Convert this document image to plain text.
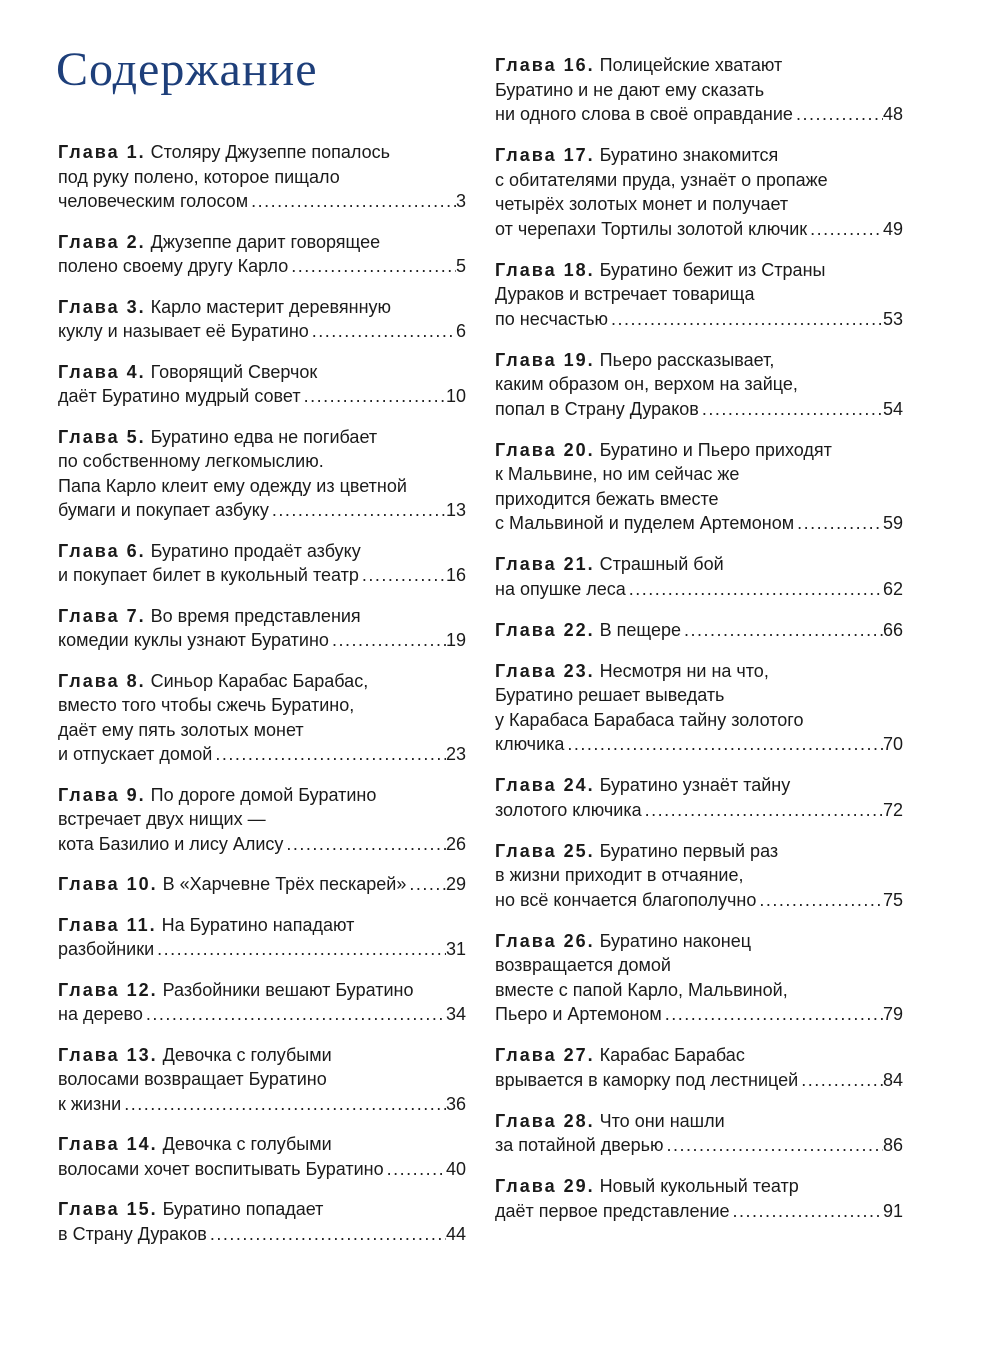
Содержание
Глава 1. Столяру Джузеппе попалось
под руку полено, которое пищало
человеческим голосом .....	3
Глава 2. Джузеппе дарит говорящее
полено своему другу Карло .....	5
Глава 3. Карло мастерит деревянную
куклу и называет её Буратино .....	6
Глава 4. Говорящий Сверчок
даёт Буратино мудрый совет .....	10
Глава 5. Буратино едва не погибает
по собственному легкомыслию.
Папа Карло клеит ему одежду из цветной
бумаги и покупает азбуку .....	13
Глава 6. Буратино продаёт азбуку
и покупает билет в кукольный театр .....	16
Глава 7. Во время представления
комедии куклы узнают Буратино .....	19
Глава 8. Синьор Карабас Барабас,
вместо того чтобы сжечь Буратино,
даёт ему пять золотых монет
и отпускает домой .....	23
Глава 9. По дороге домой Буратино
встречает двух нищих —
кота Базилио и лису Алису .....	26
Глава 10. В «Харчевне Трёх пескарей» ..... 29
Глава 11. На Буратино нападают
разбойники .....	31
Глава 12. Разбойники вешают Буратино
на дерево .....	34
Глава 13. Девочка с голубыми
волосами возвращает Буратино
к жизни .....	36
Глава 14. Девочка с голубыми
волосами хочет воспитывать Буратино .....	40
Глава 15. Буратино попадает
в Страну Дураков .....	44
Глава 16. Полицейские хватают
Буратино и не дают ему сказать
ни одного слова в своё оправдание .....	48
Глава 17. Буратино знакомится
с обитателями пруда, узнаёт о пропаже
четырёх золотых монет и получает
от черепахи Тортилы золотой ключик .....	49
Глава 18. Буратино бежит из Страны
Дураков и встречает товарища
по несчастью .....	53
Глава 19. Пьеро рассказывает,
каким образом он, верхом на зайце,
попал в Страну Дураков .....	54
Глава 20. Буратино и Пьеро приходят
к Мальвине, но им сейчас же
приходится бежать вместе
с Мальвиной и пуделем Артемоном .....	59
Глава 21. Страшный бой
на опушке леса .....	62
Глава 22. В пещере .....	66
Глава 23. Несмотря ни на что,
Буратино решает выведать
у Карабаса Барабаса тайну золотого
ключика .....	70
Глава 24. Буратино узнаёт тайну
золотого ключика .....	72
Глава 25. Буратино первый раз
в жизни приходит в отчаяние,
но всё кончается благополучно .....	75
Глава 26. Буратино наконец
возвращается домой
вместе с папой Карло, Мальвиной,
Пьеро и Артемоном .....	79
Глава 27. Карабас Барабас
врывается в каморку под лестницей .....	84
Глава 28. Что они нашли
за потайной дверью .....	86
Глава 29. Новый кукольный театр
даёт первое представление .....	91
